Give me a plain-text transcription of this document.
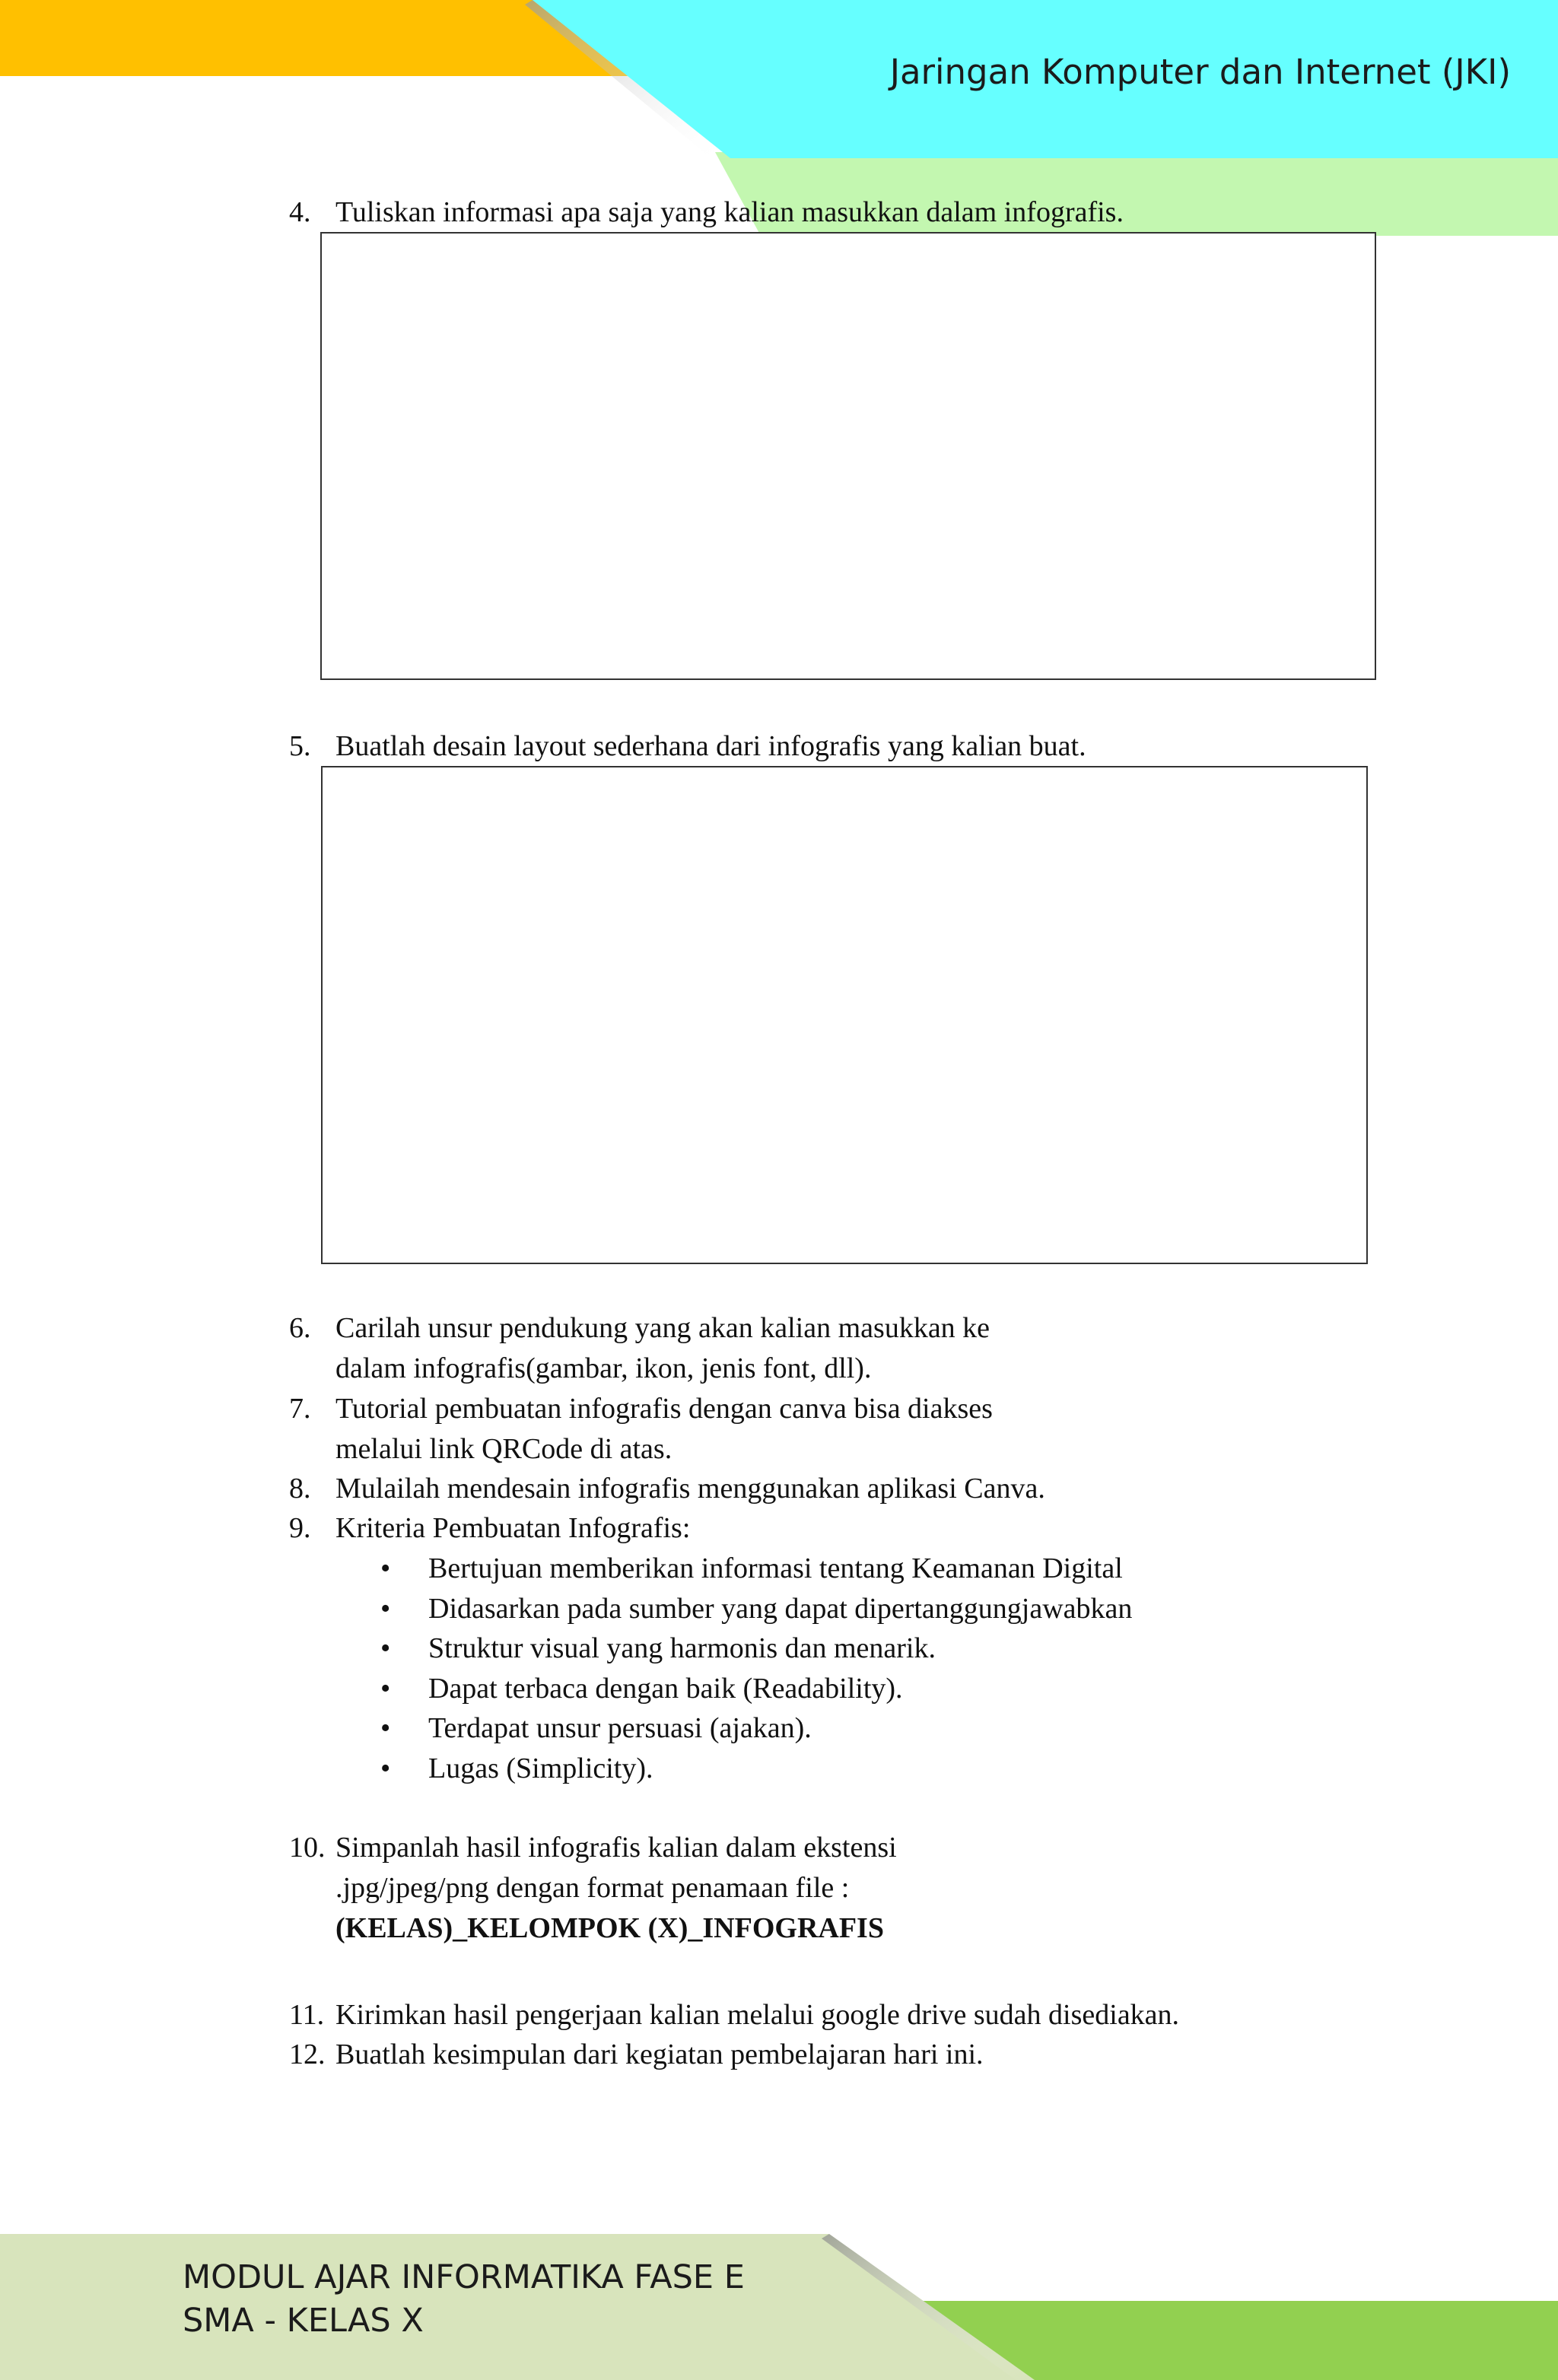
Jaringan Komputer dan Internet (JKI)
4. Tuliskan informasi apa saja yang kalian masukkan dalam infografis.
5. Buatlah desain layout sederhana dari infografis yang kalian buat.
6. Carilah unsur pendukung yang akan kalian masukkan ke
dalam infografis(gambar, ikon, jenis font, dll).
7. Tutorial pembuatan infografis dengan canva bisa diakses
melalui link QRCode di atas.
8. Mulailah mendesain infografis menggunakan aplikasi Canva.
9. Kriteria Pembuatan Infografis:
•	Bertujuan memberikan informasi tentang Keamanan Digital
•	Didasarkan pada sumber yang dapat dipertanggungjawabkan
•	Struktur visual yang harmonis dan menarik.
•	Dapat terbaca dengan baik (Readability).
•	Terdapat unsur persuasi (ajakan).
•	Lugas (Simplicity).
10. Simpanlah hasil infografis kalian dalam ekstensi
.jpg/jpeg/png dengan format penamaan file :
(KELAS)_KELOMPOK (X)_INFOGRAFIS
11. Kirimkan hasil pengerjaan kalian melalui google drive sudah disediakan.
12. Buatlah kesimpulan dari kegiatan pembelajaran hari ini.
MODUL AJAR INFORMATIKA FASE E
SMA - KELAS X
